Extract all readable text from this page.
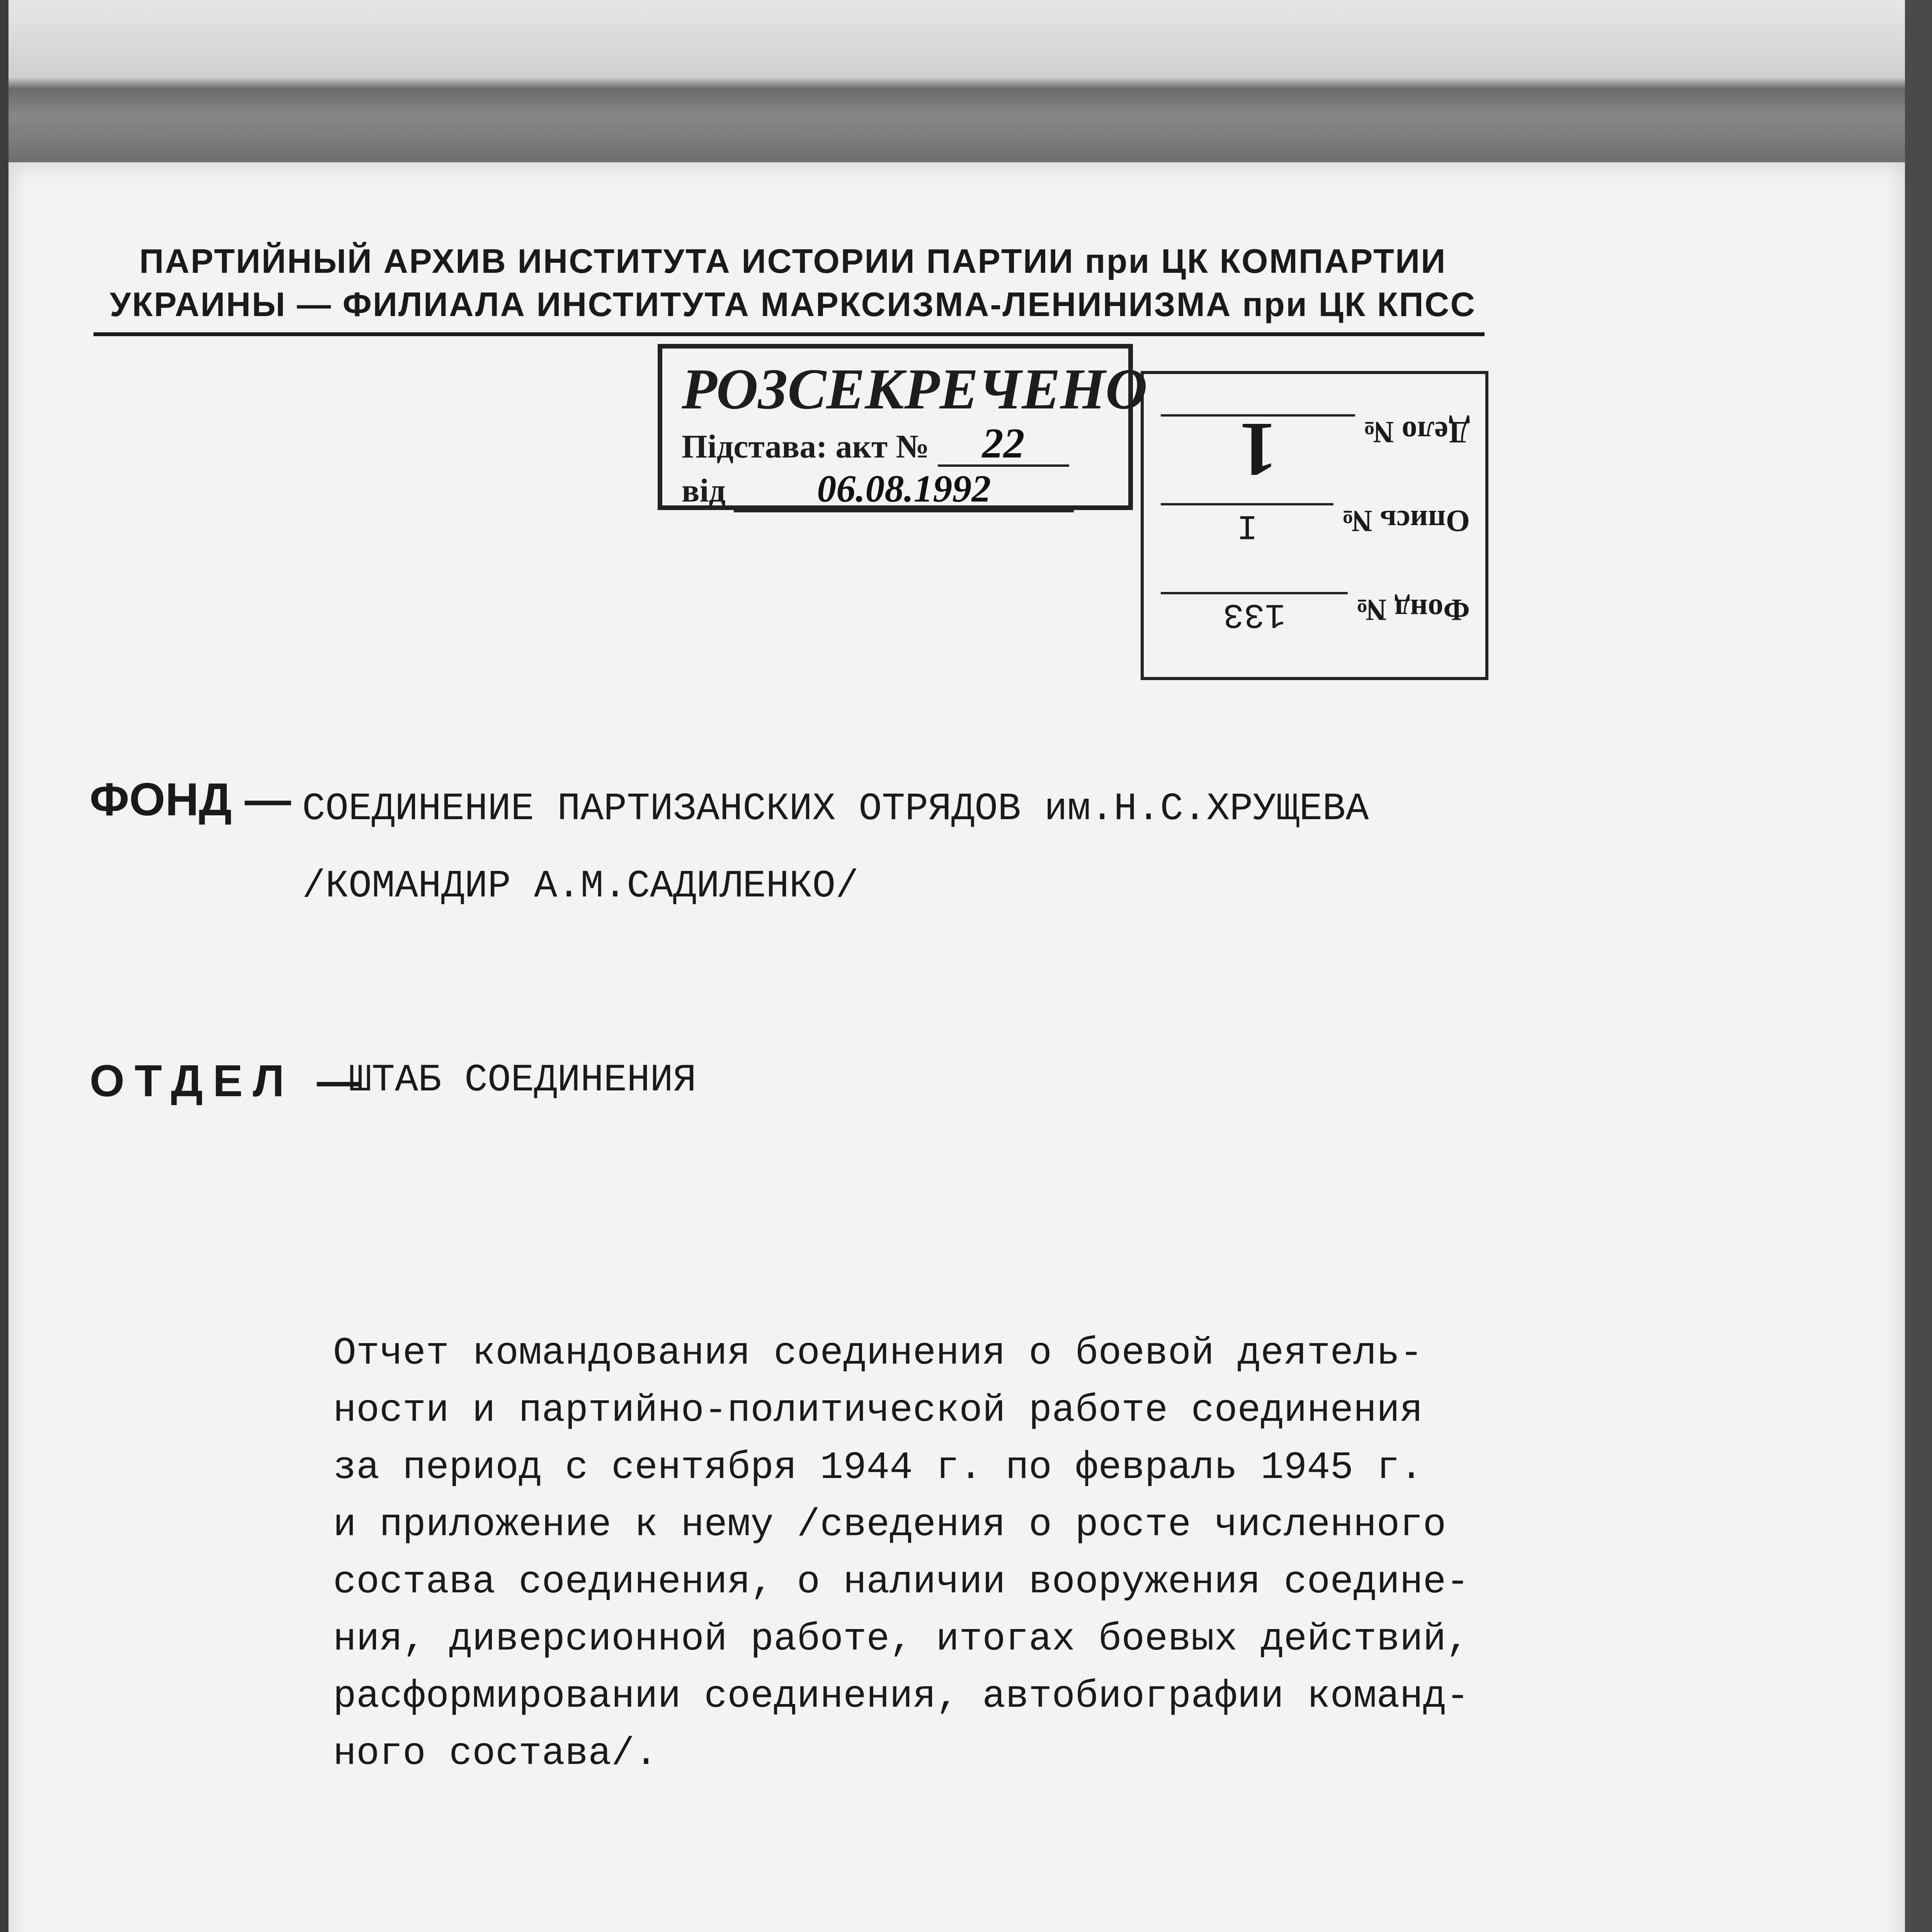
ПАРТИЙНЫЙ АРХИВ ИНСТИТУТА ИСТОРИИ ПАРТИИ при ЦК КОМПАРТИИ
УКРАИНЫ — ФИЛИАЛА ИНСТИТУТА МАРКСИЗМА-ЛЕНИНИЗМА при ЦК КПСС
РОЗСЕКРЕЧЕНО
Підстава: акт № 22
від 06.08.1992
Фонд №
133
Опись №
I
Дело №
1
ФОНД — СОЕДИНЕНИЕ ПАРТИЗАНСКИХ ОТРЯДОВ им.Н.С.ХРУЩЕВА
/КОМАНДИР А.М.САДИЛЕНКО/
ОТДЕЛ —
ШТАБ СОЕДИНЕНИЯ
Отчет командования соединения о боевой деятель-
ности и партийно-политической работе соединения
за период с сентября 1944 г. по февраль 1945 г.
и приложение к нему /сведения о росте численного
состава соединения, о наличии вооружения соедине-
ния, диверсионной работе, итогах боевых действий,
расформировании соединения, автобиографии команд-
ного состава/.
